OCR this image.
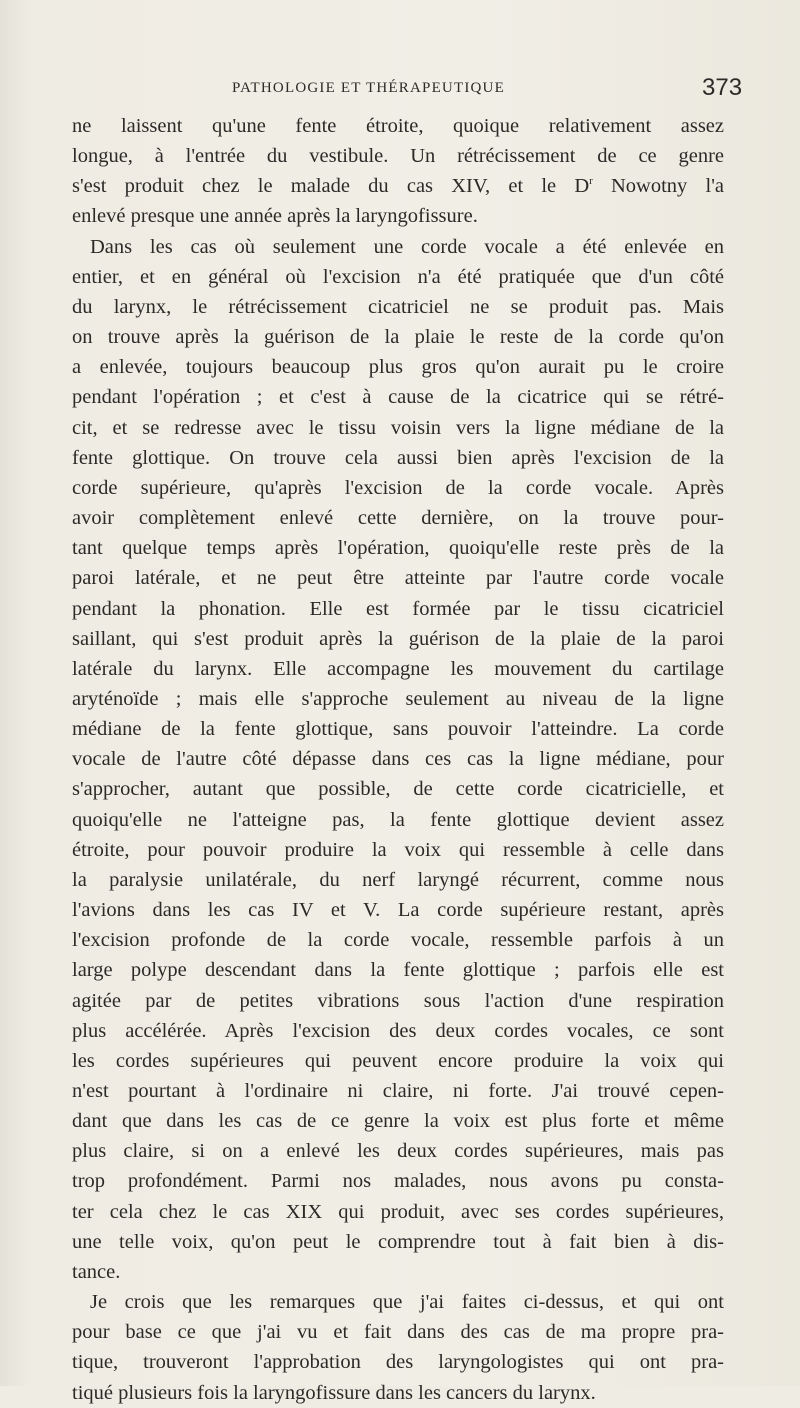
PATHOLOGIE ET THÉRAPEUTIQUE	373
ne laissent qu'une fente étroite, quoique relativement assez
longue, à l'entrée du vestibule. Un rétrécissement de ce genre
s'est produit chez le malade du cas XIV, et le $D^r$ Nowotny l'a
enlevé presque une année après la laryngofissure.
Dans les cas où seulement une corde vocale a été enlevée en
entier, et en général où l'excision n'a été pratiquée que d'un côté
du larynx, le rétrécissement cicatriciel ne se produit pas. Mais
on trouve après la guérison de la plaie le reste de la corde qu'on
a enlevée, toujours beaucoup plus gros qu'on aurait pu le croire
pendant l'opération ; et c'est à cause de la cicatrice qui se rétré-
cit, et se redresse avec le tissu voisin vers la ligne médiane de la
fente glottique. On trouve cela aussi bien après l'excision de la
corde supérieure, qu'après l'excision de la corde vocale. Après
avoir complètement enlevé cette dernière, on la trouve pour-
tant quelque temps après l'opération, quoiqu'elle reste près de la
paroi latérale, et ne peut être atteinte par l'autre corde vocale
pendant la phonation. Elle est formée par le tissu cicatriciel
saillant, qui s'est produit après la guérison de la plaie de la paroi
latérale du larynx. Elle accompagne les mouvement du cartilage
aryténoïde ; mais elle s'approche seulement au niveau de la ligne
médiane de la fente glottique, sans pouvoir l'atteindre. La corde
vocale de l'autre côté dépasse dans ces cas la ligne médiane, pour
s'approcher, autant que possible, de cette corde cicatricielle, et
quoiqu'elle ne l'atteigne pas, la fente glottique devient assez
étroite, pour pouvoir produire la voix qui ressemble à celle dans
la paralysie unilatérale, du nerf laryngé récurrent, comme nous
l'avions dans les cas IV et V. La corde supérieure restant, après
l'excision profonde de la corde vocale, ressemble parfois à un
large polype descendant dans la fente glottique ; parfois elle est
agitée par de petites vibrations sous l'action d'une respiration
plus accélérée. Après l'excision des deux cordes vocales, ce sont
les cordes supérieures qui peuvent encore produire la voix qui
n'est pourtant à l'ordinaire ni claire, ni forte. J'ai trouvé cepen-
dant que dans les cas de ce genre la voix est plus forte et même
plus claire, si on a enlevé les deux cordes supérieures, mais pas
trop profondément. Parmi nos malades, nous avons pu consta-
ter cela chez le cas XIX qui produit, avec ses cordes supérieures,
une telle voix, qu'on peut le comprendre tout à fait bien à dis-
tance.
Je crois que les remarques que j'ai faites ci-dessus, et qui ont
pour base ce que j'ai vu et fait dans des cas de ma propre pra-
tique, trouveront l'approbation des laryngologistes qui ont pra-
tiqué plusieurs fois la laryngofissure dans les cancers du larynx.
